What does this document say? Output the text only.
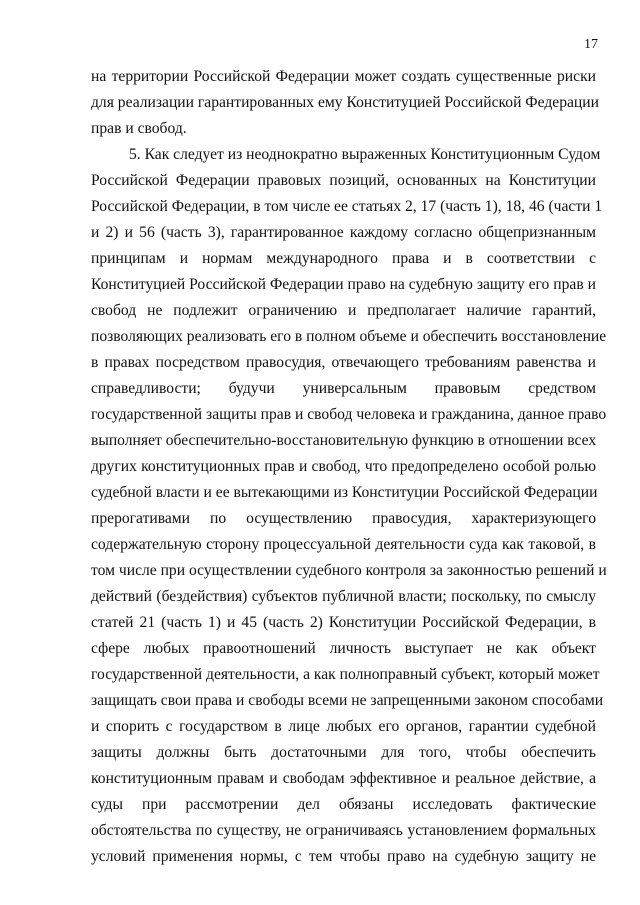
17
на территории Российской Федерации может создать существенные риски
для реализации гарантированных ему Конституцией Российской Федерации
прав и свобод.
5. Как следует из неоднократно выраженных Конституционным Судом
Российской Федерации правовых позиций, основанных на Конституции
Российской Федерации, в том числе ее статьях 2, 17 (часть 1), 18, 46 (части 1
и 2) и 56 (часть 3), гарантированное каждому согласно общепризнанным
принципам и нормам международного права и в соответствии с
Конституцией Российской Федерации право на судебную защиту его прав и
свобод не подлежит ограничению и предполагает наличие гарантий,
позволяющих реализовать его в полном объеме и обеспечить восстановление
в правах посредством правосудия, отвечающего требованиям равенства и
справедливости; будучи универсальным правовым средством
государственной защиты прав и свобод человека и гражданина, данное право
выполняет обеспечительно-восстановительную функцию в отношении всех
других конституционных прав и свобод, что предопределено особой ролью
судебной власти и ее вытекающими из Конституции Российской Федерации
прерогативами по осуществлению правосудия, характеризующего
содержательную сторону процессуальной деятельности суда как таковой, в
том числе при осуществлении судебного контроля за законностью решений и
действий (бездействия) субъектов публичной власти; поскольку, по смыслу
статей 21 (часть 1) и 45 (часть 2) Конституции Российской Федерации, в
сфере любых правоотношений личность выступает не как объект
государственной деятельности, а как полноправный субъект, который может
защищать свои права и свободы всеми не запрещенными законом способами
и спорить с государством в лице любых его органов, гарантии судебной
защиты должны быть достаточными для того, чтобы обеспечить
конституционным правам и свободам эффективное и реальное действие, а
суды при рассмотрении дел обязаны исследовать фактические
обстоятельства по существу, не ограничиваясь установлением формальных
условий применения нормы, с тем чтобы право на судебную защиту не
